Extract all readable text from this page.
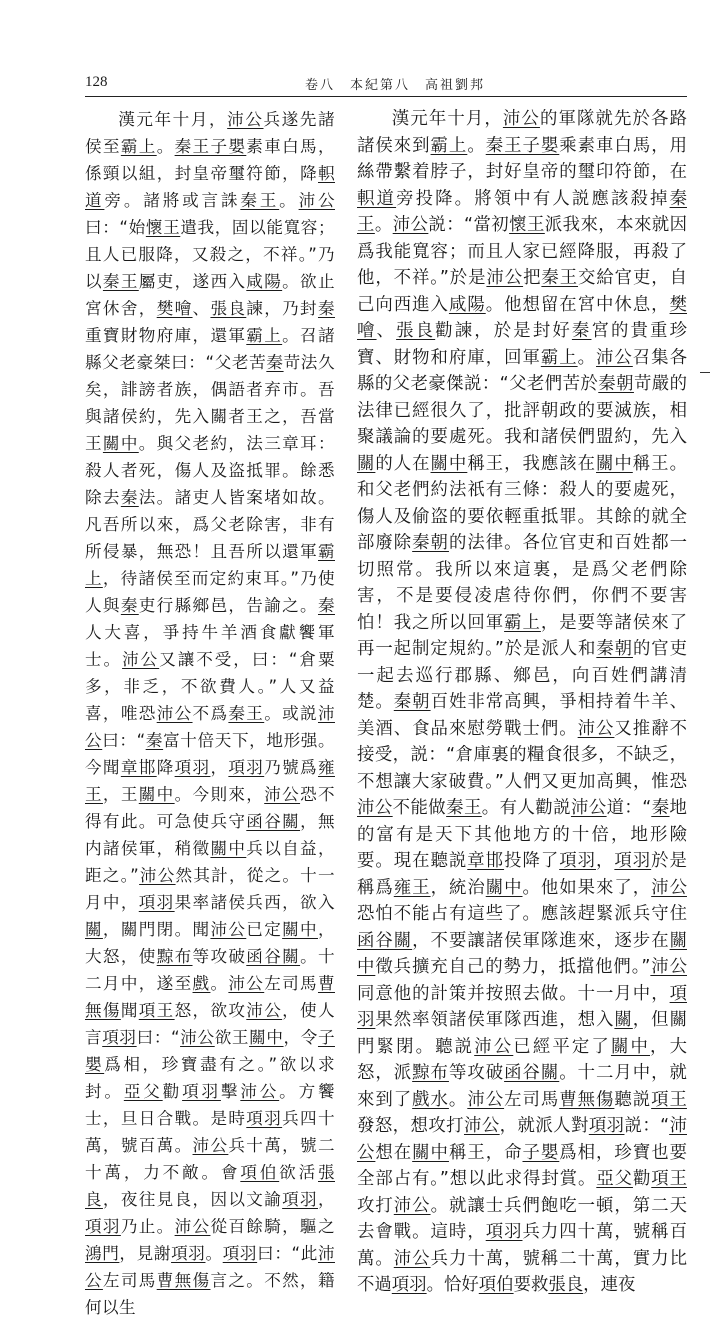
128	卷八　本紀第八　高祖劉邦

漢元年十月，沛公兵遂先諸侯至霸上。秦王子嬰素車白馬，係頸以組，封皇帝璽符節，降軹道旁。諸將或言誅秦王。沛公曰：“始懷王遣我，固以能寬容；且人已服降，又殺之，不祥。”乃以秦王屬吏，遂西入咸陽。欲止宮休舍，樊噲、張良諫，乃封秦重寶財物府庫，還軍霸上。召諸縣父老豪桀曰：“父老苦秦苛法久矣，誹謗者族，偶語者弃市。吾與諸侯約，先入關者王之，吾當王關中。與父老約，法三章耳：殺人者死，傷人及盗抵罪。餘悉除去秦法。諸吏人皆案堵如故。凡吾所以來，爲父老除害，非有所侵暴，無恐！且吾所以還軍霸上，待諸侯至而定約束耳。”乃使人與秦吏行縣鄉邑，告諭之。秦人大喜，爭持牛羊酒食獻饗軍士。沛公又讓不受，曰：“倉粟多，非乏，不欲費人。”人又益喜，唯恐沛公不爲秦王。或説沛公曰：“秦富十倍天下，地形强。今聞章邯降項羽，項羽乃號爲雍王，王關中。今則來，沛公恐不得有此。可急使兵守函谷關，無内諸侯軍，稍徵關中兵以自益，距之。”沛公然其計，從之。十一月中，項羽果率諸侯兵西，欲入關，關門閉。聞沛公已定關中，大怒，使黥布等攻破函谷關。十二月中，遂至戲。沛公左司馬曹無傷聞項王怒，欲攻沛公，使人言項羽曰：“沛公欲王關中，令子嬰爲相，珍寶盡有之。”欲以求封。亞父勸項羽擊沛公。方饗士，旦日合戰。是時項羽兵四十萬，號百萬。沛公兵十萬，號二十萬，力不敵。會項伯欲活張良，夜往見良，因以文諭項羽，項羽乃止。沛公從百餘騎，驅之鴻門，見謝項羽。項羽曰：“此沛公左司馬曹無傷言之。不然，籍何以生

漢元年十月，沛公的軍隊就先於各路諸侯來到霸上。秦王子嬰乘素車白馬，用絲帶繫着脖子，封好皇帝的璽印符節，在軹道旁投降。將領中有人説應該殺掉秦王。沛公説：“當初懷王派我來，本來就因爲我能寬容；而且人家已經降服，再殺了他，不祥。”於是沛公把秦王交給官吏，自己向西進入咸陽。他想留在宮中休息，樊噲、張良勸諫，於是封好秦宮的貴重珍寶、財物和府庫，回軍霸上。沛公召集各縣的父老豪傑説：“父老們苦於秦朝苛嚴的法律已經很久了，批評朝政的要滅族，相聚議論的要處死。我和諸侯們盟約，先入關的人在關中稱王，我應該在關中稱王。和父老們約法祇有三條：殺人的要處死，傷人及偷盗的要依輕重抵罪。其餘的就全部廢除秦朝的法律。各位官吏和百姓都一切照常。我所以來這裏，是爲父老們除害，不是要侵凌虐待你們，你們不要害怕！我之所以回軍霸上，是要等諸侯來了再一起制定規約。”於是派人和秦朝的官吏一起去巡行郡縣、鄉邑，向百姓們講清楚。秦朝百姓非常高興，爭相持着牛羊、美酒、食品來慰勞戰士們。沛公又推辭不接受，説：“倉庫裏的糧食很多，不缺乏，不想讓大家破費。”人們又更加高興，惟恐沛公不能做秦王。有人勸説沛公道：“秦地的富有是天下其他地方的十倍，地形險要。現在聽説章邯投降了項羽，項羽於是稱爲雍王，統治關中。他如果來了，沛公恐怕不能占有這些了。應該趕緊派兵守住函谷關，不要讓諸侯軍隊進來，逐步在關中徵兵擴充自己的勢力，抵擋他們。”沛公同意他的計策并按照去做。十一月中，項羽果然率領諸侯軍隊西進，想入關，但關門緊閉。聽説沛公已經平定了關中，大怒，派黥布等攻破函谷關。十二月中，就來到了戲水。沛公左司馬曹無傷聽説項王發怒，想攻打沛公，就派人對項羽説：“沛公想在關中稱王，命子嬰爲相，珍寶也要全部占有。”想以此求得封賞。亞父勸項王攻打沛公。就讓士兵們飽吃一頓，第二天去會戰。這時，項羽兵力四十萬，號稱百萬。沛公兵力十萬，號稱二十萬，實力比不過項羽。恰好項伯要救張良，連夜
